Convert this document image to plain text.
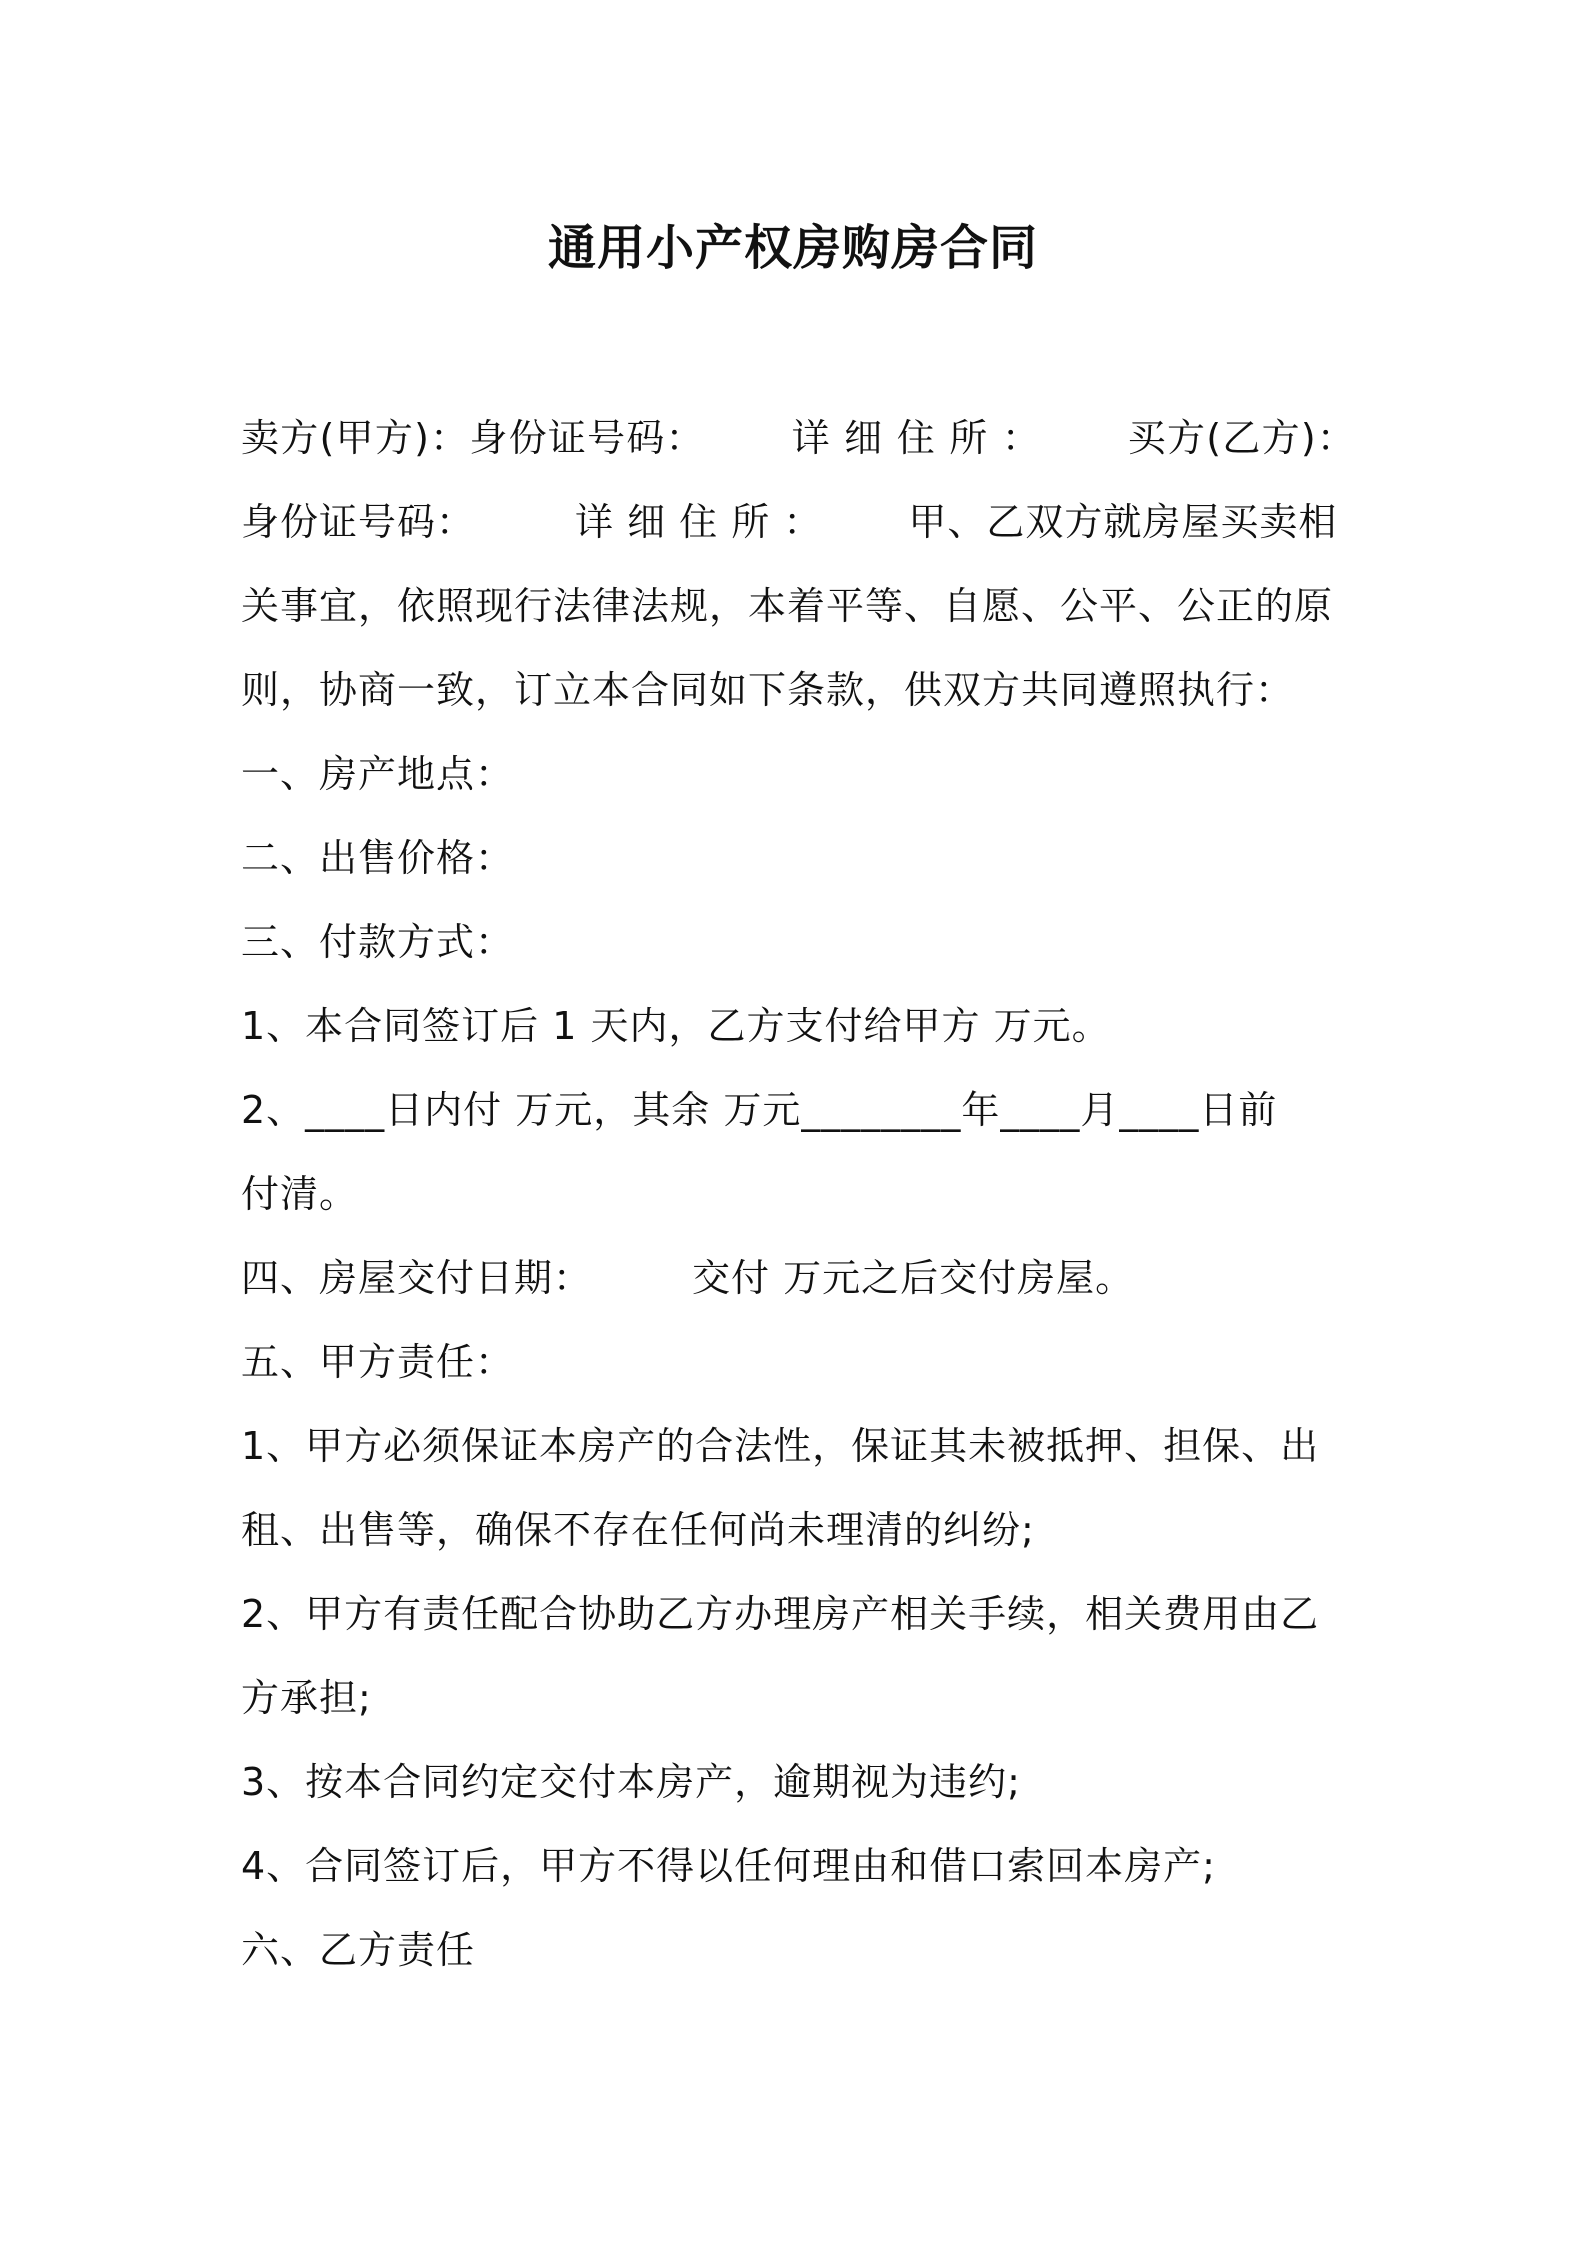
通用小产权房购房合同
卖方(甲方)：身份证号码： 详 细 住 所 ： 买方(乙方)：
身份证号码：	详 细 住 所 ： 甲、乙双方就房屋买卖相
关事宜，依照现行法律法规，本着平等、自愿、公平、公正的原
则，协商一致，订立本合同如下条款，供双方共同遵照执行：
一、房产地点：
二、出售价格：
三、付款方式：
1、本合同签订后 1 天内，乙方支付给甲方 万元。
2、____日内付 万元，其余 万元________年____月____日前
付清。
四、房屋交付日期：	交付 万元之后交付房屋。
五、甲方责任：
1、甲方必须保证本房产的合法性，保证其未被抵押、担保、出
租、出售等，确保不存在任何尚未理清的纠纷;
2、甲方有责任配合协助乙方办理房产相关手续，相关费用由乙
方承担;
3、按本合同约定交付本房产，逾期视为违约;
4、合同签订后，甲方不得以任何理由和借口索回本房产;
六、乙方责任
